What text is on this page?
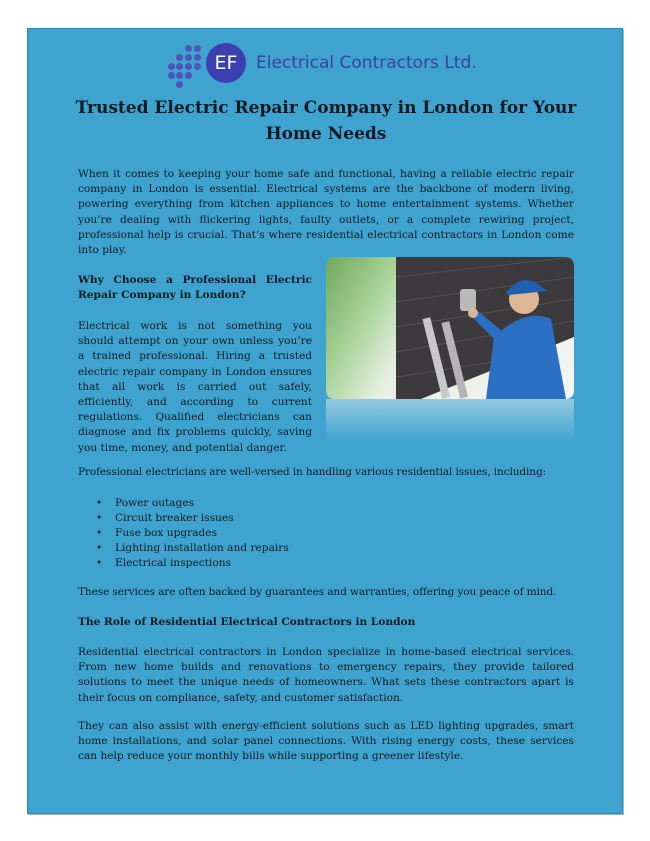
EF	Electrical Contractors Ltd.
Trusted Electric Repair Company in London for Your Home Needs

When it comes to keeping your home safe and functional, having a reliable electric repair company in London is essential. Electrical systems are the backbone of modern living, powering everything from kitchen appliances to home entertainment systems. Whether you’re dealing with flickering lights, faulty outlets, or a complete rewiring project, professional help is crucial. That’s where residential electrical contractors in London come into play.

Why Choose a Professional Electric Repair Company in London?

Electrical work is not something you should attempt on your own unless you’re a trained professional. Hiring a trusted electric repair company in London ensures that all work is carried out safely, efficiently, and according to current regulations. Qualified electricians can diagnose and fix problems quickly, saving you time, money, and potential danger.

Professional electricians are well-versed in handling various residential issues, including:

• Power outages
• Circuit breaker issues
• Fuse box upgrades
• Lighting installation and repairs
• Electrical inspections

These services are often backed by guarantees and warranties, offering you peace of mind.

The Role of Residential Electrical Contractors in London

Residential electrical contractors in London specialize in home-based electrical services. From new home builds and renovations to emergency repairs, they provide tailored solutions to meet the unique needs of homeowners. What sets these contractors apart is their focus on compliance, safety, and customer satisfaction.

They can also assist with energy-efficient solutions such as LED lighting upgrades, smart home installations, and solar panel connections. With rising energy costs, these services can help reduce your monthly bills while supporting a greener lifestyle.
